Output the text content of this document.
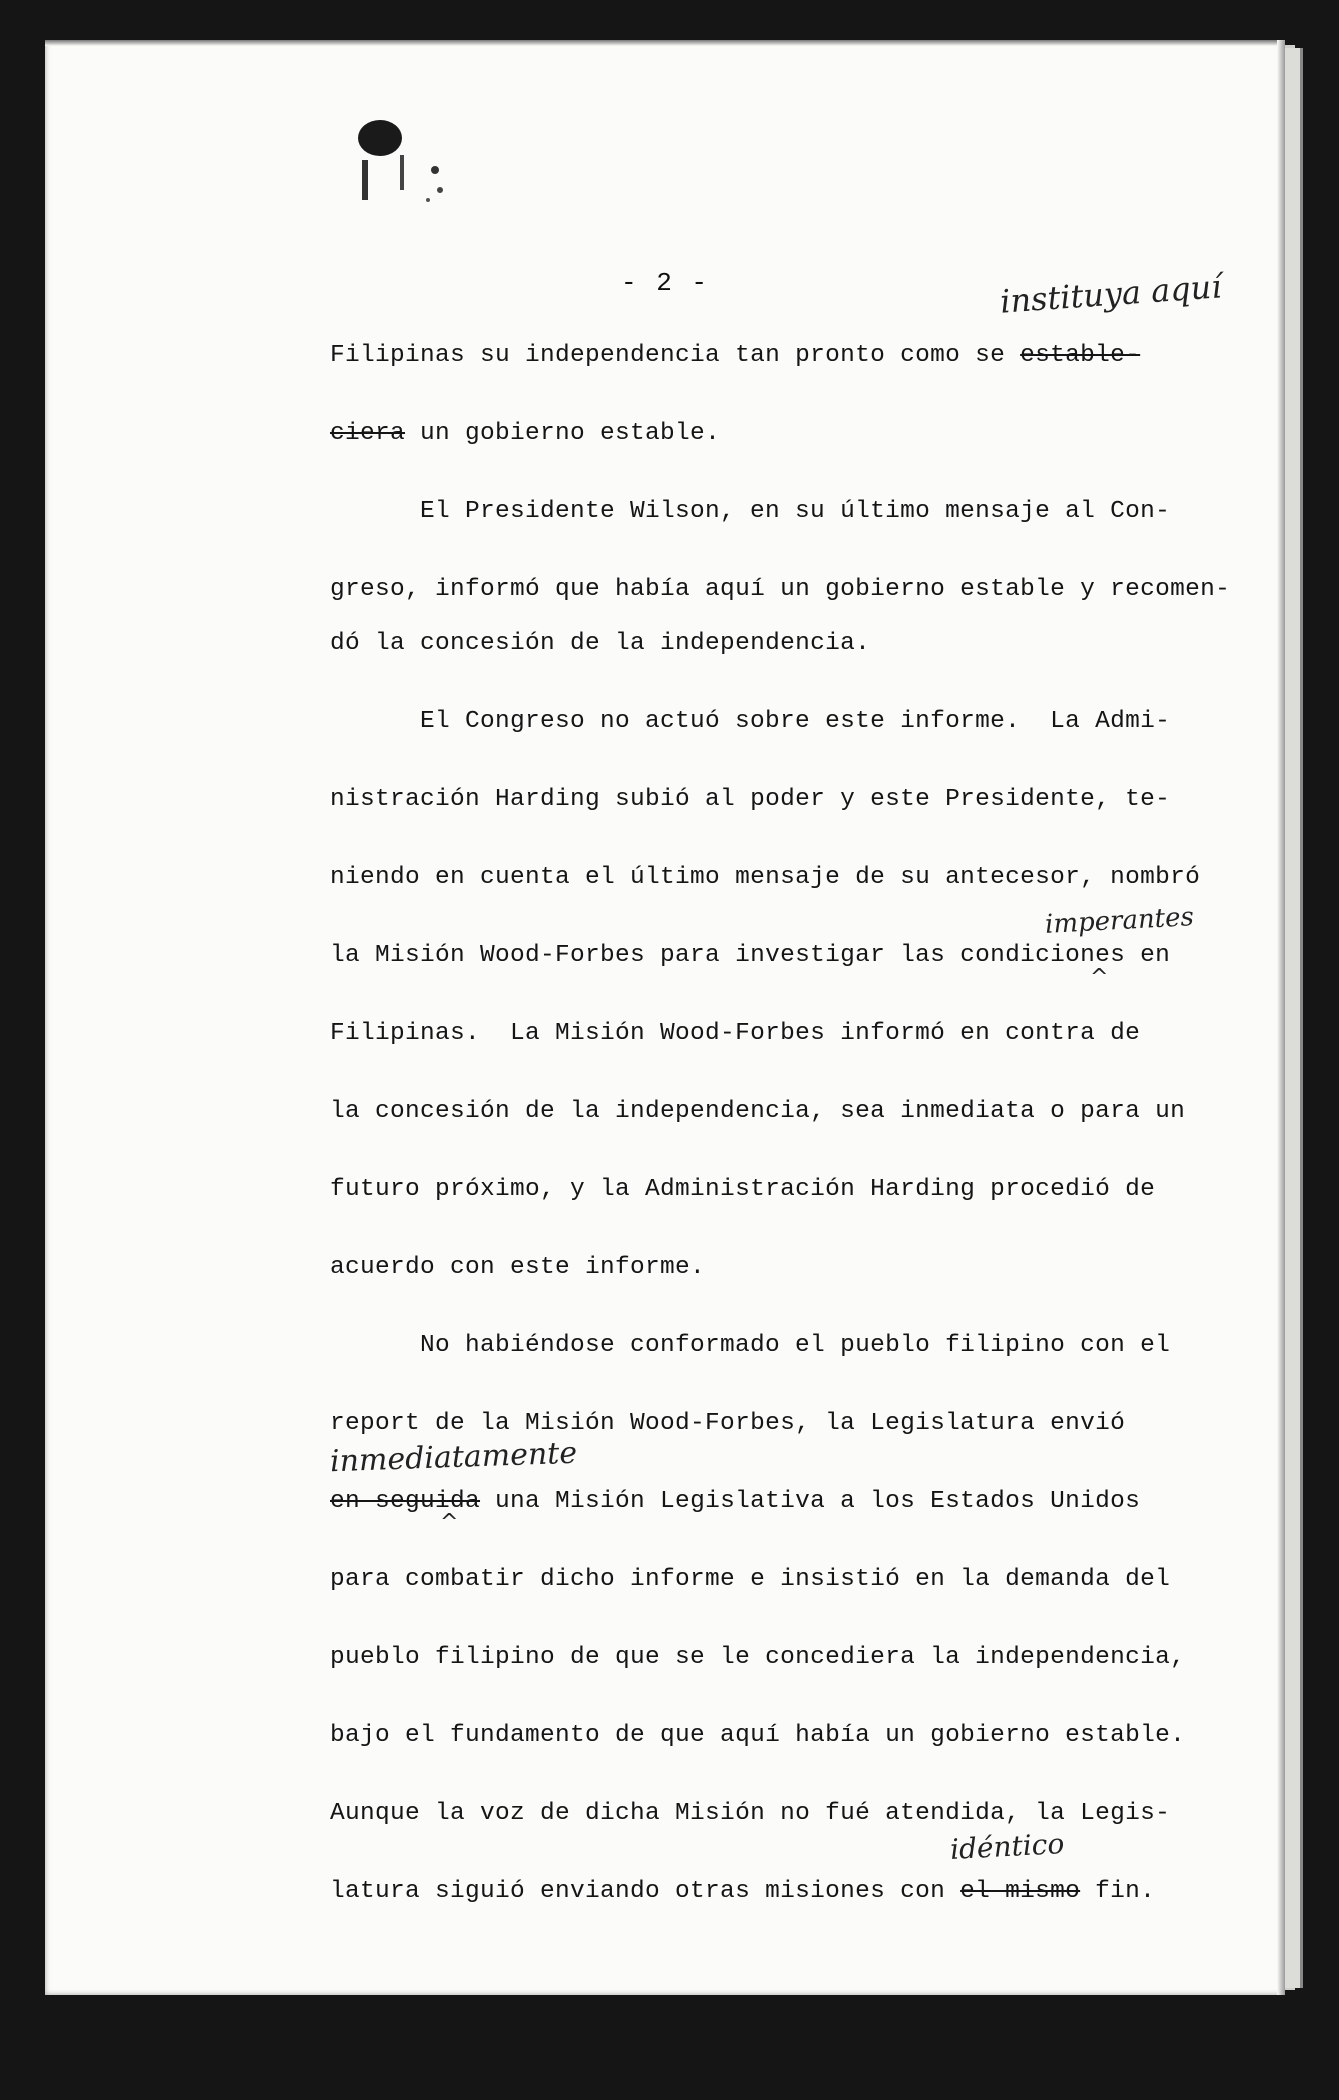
- 2 -	instituya aquí
Filipinas su independencia tan pronto como se estable-
ciera un gobierno estable.
El Presidente Wilson, en su último mensaje al Con-
greso, informó que había aquí un gobierno estable y recomen-
dó la concesión de la independencia.
El Congreso no actuó sobre este informe.  La Admi-
nistración Harding subió al poder y este Presidente, te-
niendo en cuenta el último mensaje de su antecesor, nombró
imperantes
la Misión Wood-Forbes para investigar las condiciones en
^
Filipinas.  La Misión Wood-Forbes informó en contra de
la concesión de la independencia, sea inmediata o para un
futuro próximo, y la Administración Harding procedió de
acuerdo con este informe.
No habiéndose conformado el pueblo filipino con el
report de la Misión Wood-Forbes, la Legislatura envió
inmediatamente
en seguida una Misión Legislativa a los Estados Unidos
^
para combatir dicho informe e insistió en la demanda del
pueblo filipino de que se le concediera la independencia,
bajo el fundamento de que aquí había un gobierno estable.
Aunque la voz de dicha Misión no fué atendida, la Legis-
idéntico
latura siguió enviando otras misiones con el mismo fin.
